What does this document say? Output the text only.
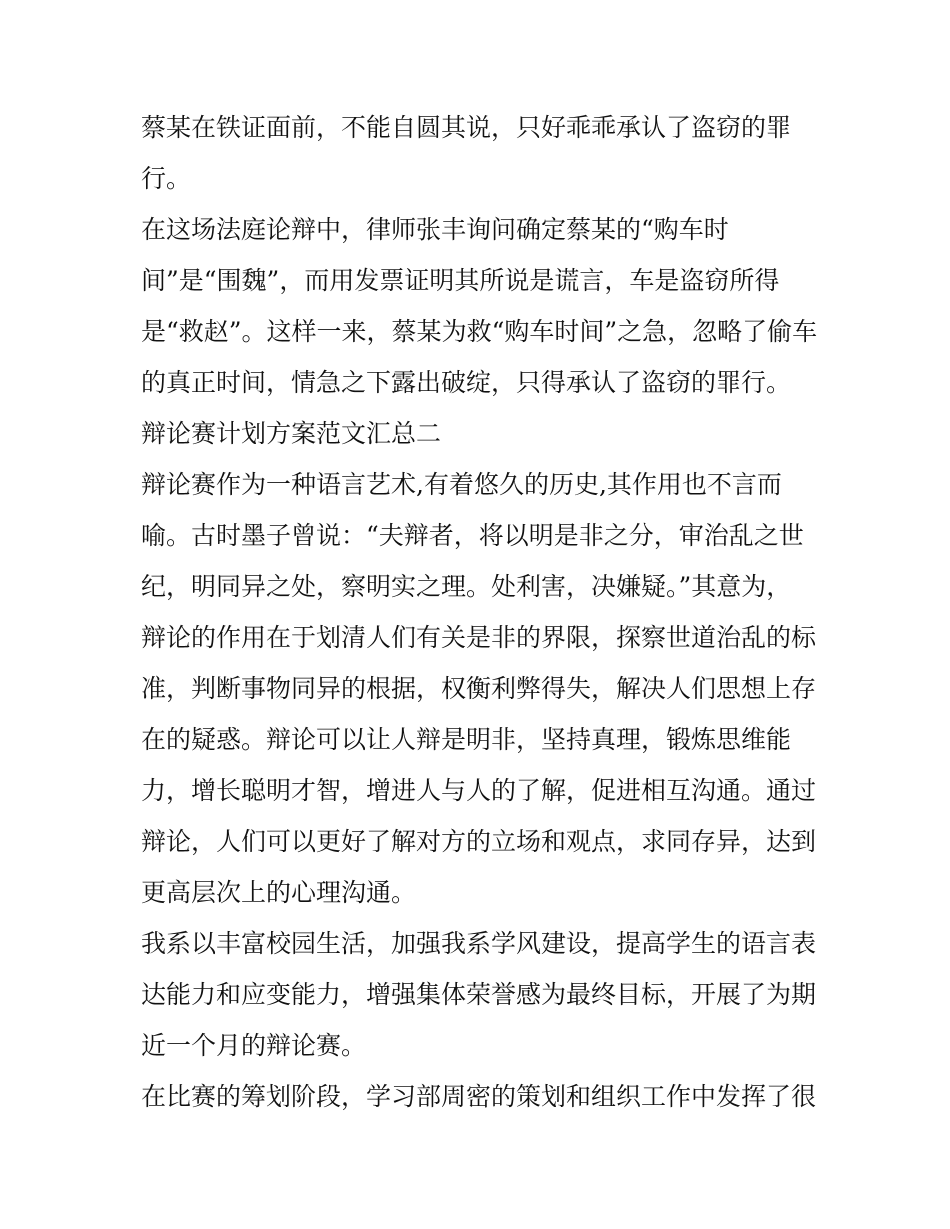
蔡某在铁证面前，不能自圆其说，只好乖乖承认了盗窃的罪

行。

在这场法庭论辩中，律师张丰询问确定蔡某的“购车时

间”是“围魏”，而用发票证明其所说是谎言，车是盗窃所得

是“救赵”。这样一来，蔡某为救“购车时间”之急，忽略了偷车

的真正时间，情急之下露出破绽，只得承认了盗窃的罪行。

辩论赛计划方案范文汇总二

辩论赛作为一种语言艺术,有着悠久的历史,其作用也不言而

喻。古时墨子曾说：“夫辩者，将以明是非之分，审治乱之世

纪，明同异之处，察明实之理。处利害，决嫌疑。”其意为，

辩论的作用在于划清人们有关是非的界限，探察世道治乱的标

准，判断事物同异的根据，权衡利弊得失，解决人们思想上存

在的疑惑。辩论可以让人辩是明非，坚持真理，锻炼思维能

力，增长聪明才智，增进人与人的了解，促进相互沟通。通过

辩论，人们可以更好了解对方的立场和观点，求同存异，达到

更高层次上的心理沟通。

我系以丰富校园生活，加强我系学风建设，提高学生的语言表

达能力和应变能力，增强集体荣誉感为最终目标，开展了为期

近一个月的辩论赛。

在比赛的筹划阶段，学习部周密的策划和组织工作中发挥了很
